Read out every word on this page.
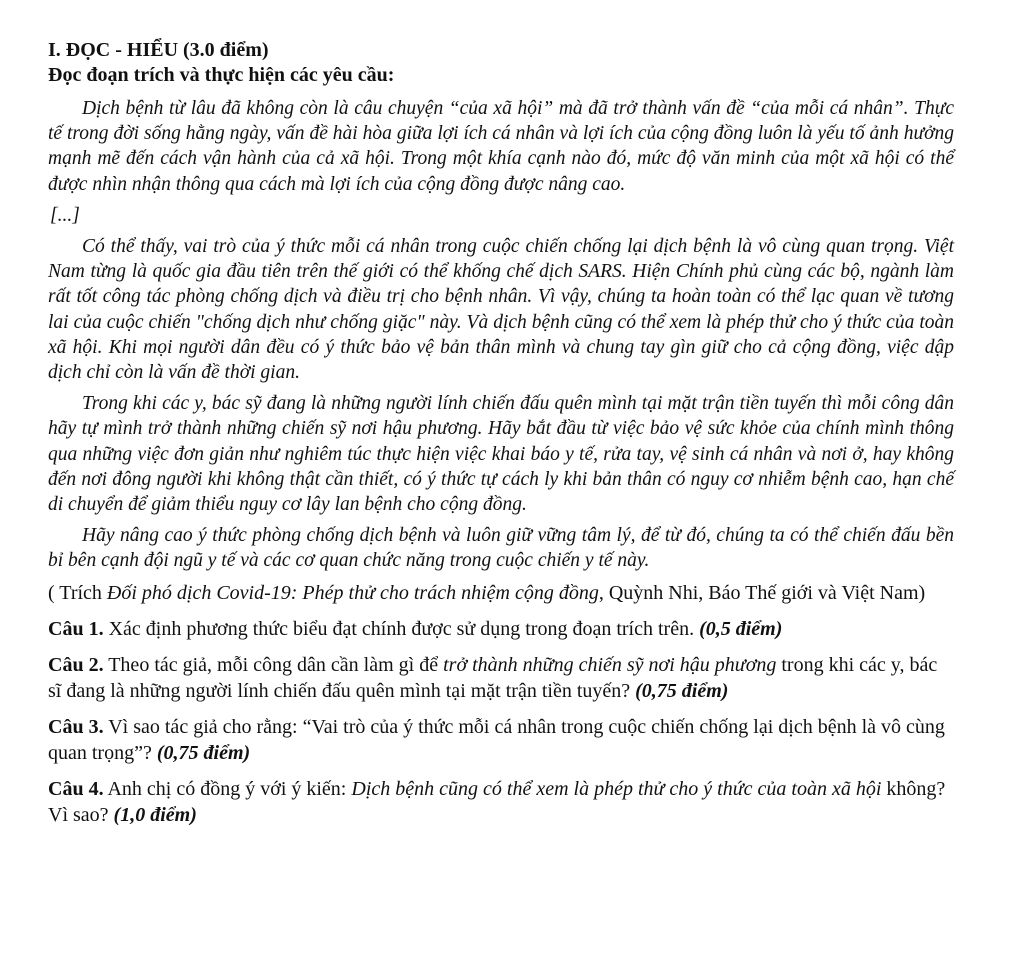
I. ĐỌC - HIỂU (3.0 điểm)

Đọc đoạn trích và thực hiện các yêu cầu:

Dịch bệnh từ lâu đã không còn là câu chuyện “của xã hội” mà đã trở thành vấn đề “của mỗi cá nhân”. Thực tế trong đời sống hằng ngày, vấn đề hài hòa giữa lợi ích cá nhân và lợi ích của cộng đồng luôn là yếu tố ảnh hưởng mạnh mẽ đến cách vận hành của cả xã hội. Trong một khía cạnh nào đó, mức độ văn minh của một xã hội có thể được nhìn nhận thông qua cách mà lợi ích của cộng đồng được nâng cao.

[...]

Có thể thấy, vai trò của ý thức mỗi cá nhân trong cuộc chiến chống lại dịch bệnh là vô cùng quan trọng. Việt Nam từng là quốc gia đầu tiên trên thế giới có thể khống chế dịch SARS. Hiện Chính phủ cùng các bộ, ngành làm rất tốt công tác phòng chống dịch và điều trị cho bệnh nhân. Vì vậy, chúng ta hoàn toàn có thể lạc quan về tương lai của cuộc chiến "chống dịch như chống giặc" này. Và dịch bệnh cũng có thể xem là phép thử cho ý thức của toàn xã hội. Khi mọi người dân đều có ý thức bảo vệ bản thân mình và chung tay gìn giữ cho cả cộng đồng, việc dập dịch chỉ còn là vấn đề thời gian.

Trong khi các y, bác sỹ đang là những người lính chiến đấu quên mình tại mặt trận tiền tuyến thì mỗi công dân hãy tự mình trở thành những chiến sỹ nơi hậu phương. Hãy bắt đầu từ việc bảo vệ sức khỏe của chính mình thông qua những việc đơn giản như nghiêm túc thực hiện việc khai báo y tế, rửa tay, vệ sinh cá nhân và nơi ở, hay không đến nơi đông người khi không thật cần thiết, có ý thức tự cách ly khi bản thân có nguy cơ nhiễm bệnh cao, hạn chế di chuyển để giảm thiểu nguy cơ lây lan bệnh cho cộng đồng.

Hãy nâng cao ý thức phòng chống dịch bệnh và luôn giữ vững tâm lý, để từ đó, chúng ta có thể chiến đấu bền bỉ bên cạnh đội ngũ y tế và các cơ quan chức năng trong cuộc chiến y tế này.

( Trích Đối phó dịch Covid-19: Phép thử cho trách nhiệm cộng đồng, Quỳnh Nhi, Báo Thế giới và Việt Nam)

Câu 1. Xác định phương thức biểu đạt chính được sử dụng trong đoạn trích trên. (0,5 điểm)

Câu 2. Theo tác giả, mỗi công dân cần làm gì để trở thành những chiến sỹ nơi hậu phương trong khi các y, bác sĩ đang là những người lính chiến đấu quên mình tại mặt trận tiền tuyến? (0,75 điểm)

Câu 3. Vì sao tác giả cho rằng: “Vai trò của ý thức mỗi cá nhân trong cuộc chiến chống lại dịch bệnh là vô cùng quan trọng”? (0,75 điểm)

Câu 4. Anh chị có đồng ý với ý kiến: Dịch bệnh cũng có thể xem là phép thử cho ý thức của toàn xã hội không? Vì sao? (1,0 điểm)
